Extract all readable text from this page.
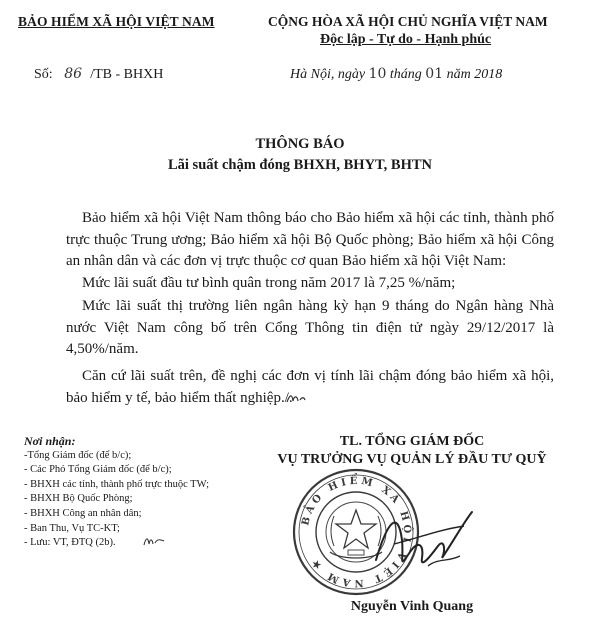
BẢO HIỂM XÃ HỘI VIỆT NAM	CỘNG HÒA XÃ HỘI CHỦ NGHĨA VIỆT NAM
Độc lập - Tự do - Hạnh phúc
Số: 86 /TB - BHXH	Hà Nội, ngày 10 tháng 01 năm 2018
THÔNG BÁO
Lãi suất chậm đóng BHXH, BHYT, BHTN
Bảo hiểm xã hội Việt Nam thông báo cho Bảo hiểm xã hội các tỉnh, thành phố trực thuộc Trung ương; Bảo hiểm xã hội Bộ Quốc phòng; Bảo hiểm xã hội Công an nhân dân và các đơn vị trực thuộc cơ quan Bảo hiểm xã hội Việt Nam:
Mức lãi suất đầu tư bình quân trong năm 2017 là 7,25 %/năm;
Mức lãi suất thị trường liên ngân hàng kỳ hạn 9 tháng do Ngân hàng Nhà nước Việt Nam công bố trên Cổng Thông tin điện tử ngày 29/12/2017 là 4,50%/năm.
Căn cứ lãi suất trên, đề nghị các đơn vị tính lãi chậm đóng bảo hiểm xã hội, bảo hiểm y tế, bảo hiểm thất nghiệp./.
Nơi nhận:
-Tổng Giám đốc (để b/c);
- Các Phó Tổng Giám đốc (để b/c);
- BHXH các tỉnh, thành phố trực thuộc TW;
- BHXH Bộ Quốc Phòng;
- BHXH Công an nhân dân;
- Ban Thu, Vụ TC-KT;
- Lưu: VT, ĐTQ (2b).
TL. TỔNG GIÁM ĐỐC
VỤ TRƯỞNG VỤ QUẢN LÝ ĐẦU TƯ QUỸ
BẢO HIỂM XÃ HỘI VIỆT NAM ★
Nguyễn Vinh Quang
